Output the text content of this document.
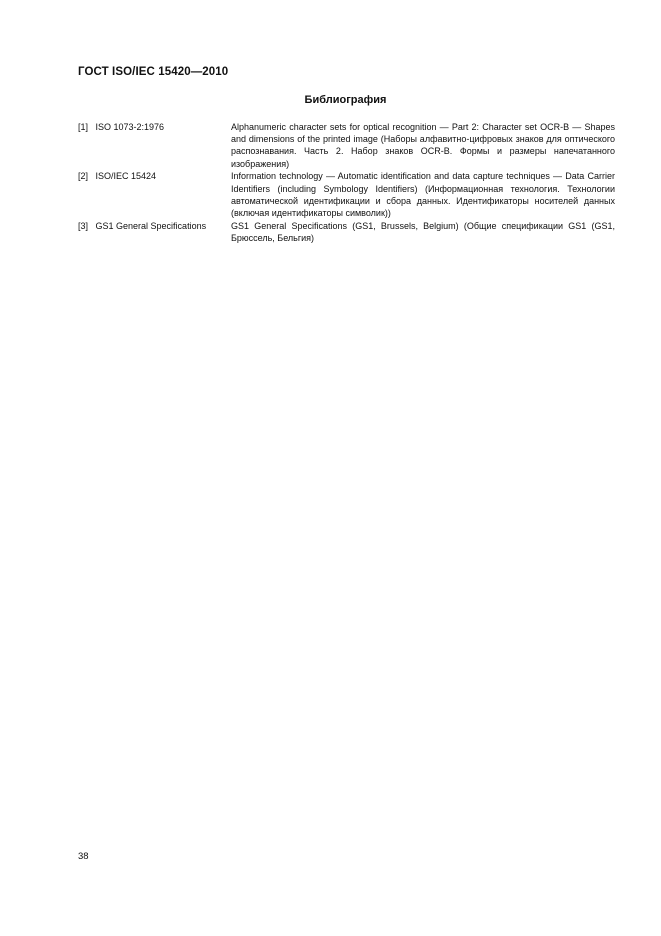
ГОСТ ISO/IEC 15420—2010
Библиография
[1] ISO 1073-2:1976	Alphanumeric character sets for optical recognition — Part 2: Character set OCR-B — Shapes and dimensions of the printed image (Наборы алфавитно-цифровых знаков для оптического распознавания. Часть 2. Набор знаков OCR-B. Формы и размеры напечатанного изображения)
[2] ISO/IEC 15424	Information technology — Automatic identification and data capture techniques — Data Carrier Identifiers (including Symbology Identifiers) (Информационная технология. Технологии автоматической идентификации и сбора данных. Идентификаторы носителей данных (включая идентификаторы символик))
[3] GS1 General Specifications	GS1 General Specifications (GS1, Brussels, Belgium) (Общие спецификации GS1 (GS1, Брюссель, Бельгия)
38
